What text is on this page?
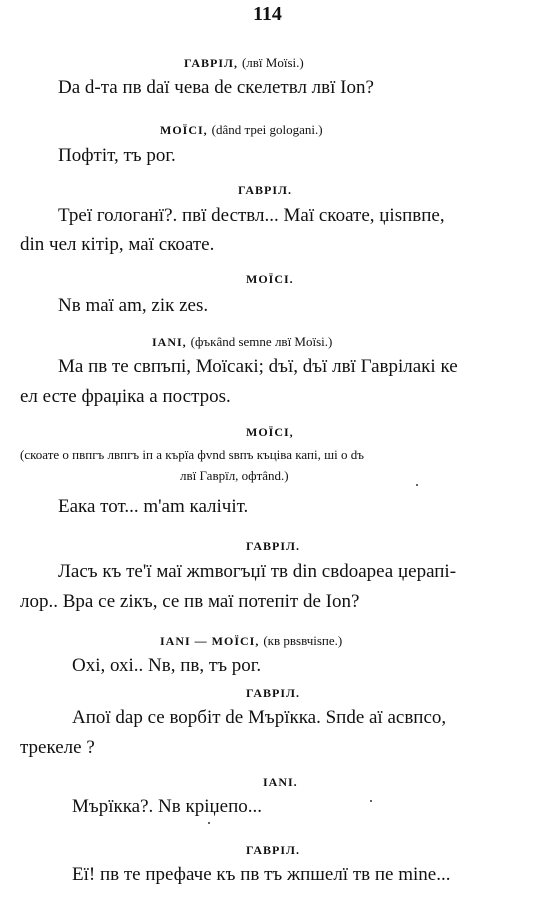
114
ГАВРІЛ, (лвї Moïsi.)
Da d-та пв daï чева de скелетвл лвї Ion?
МОЇСІ, (dând треі gologani.)
Пофтіт, тъ рог.
ГАВРІЛ.
Треї гологанї?. пвї dествл... Маї скоате, џіѕпвпе,
din чел кітір, маї скоате.
МОЇСІ.
Nв maï am, zік zеѕ.
IANI, (фъкând semne лвї Moïsi.)
Ма пв те свпъпі, Моїсакі; dъї, dъї лвї Гаврілакі ке
ел есте фраџіка а построѕ.
МОЇСІ,
(скоате о пвпгъ лвпгъ іп а кърїа фvnd sвпъ къціва капі, ші о dъ
лвї Гаврїл, офтând.)
Еака тот... m'am калічіт.
ГАВРІЛ.
Ласъ къ те'ї маї жmвогъџї тв din свdоареа џерапі-
лор.. Вра се zікъ, се пв маї потепіт de Ion?
IANI — МОЇСІ, (кв рвѕвчіѕпе.)
Охі, охі.. Nв, пв, тъ рог.
ГАВРІЛ.
Апої dар се ворбіт de Мърїкка. Ѕпdе аї асвпсо,
трекеле ?
IANI.
Мърїкка?. Nв кріџепо...
ГАВРІЛ.
Еї! пв те префаче къ пв тъ жпшелї тв пе mine...
